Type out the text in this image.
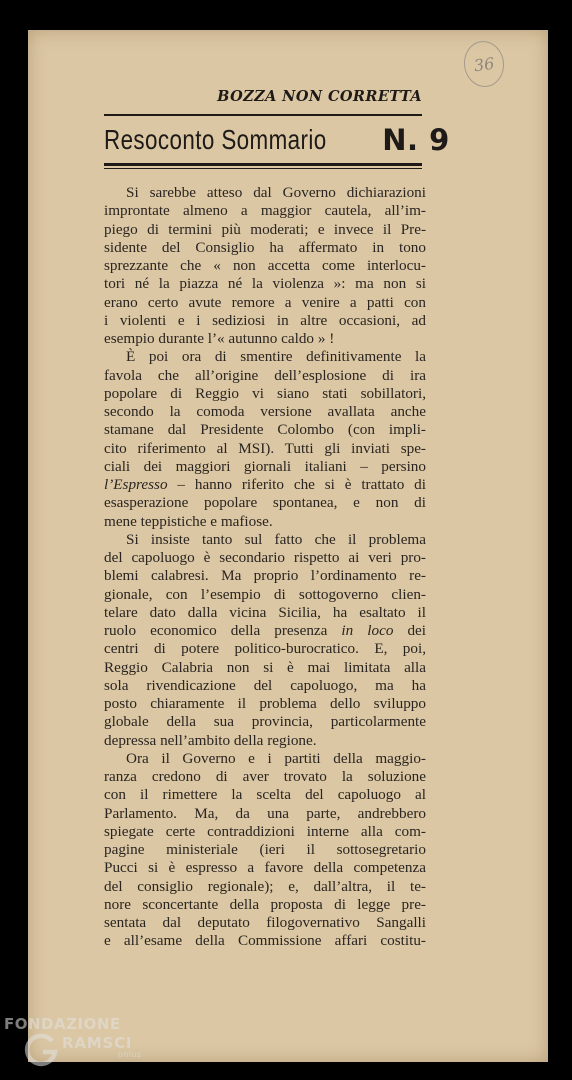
36
BOZZA NON CORRETTA
Resoconto Sommario N. 9
Si sarebbe atteso dal Governo dichiarazioni
improntate almeno a maggior cautela, all’im-
piego di termini più moderati; e invece il Pre-
sidente del Consiglio ha affermato in tono
sprezzante che « non accetta come interlocu-
tori né la piazza né la violenza »: ma non si
erano certo avute remore a venire a patti con
i violenti e i sediziosi in altre occasioni, ad
esempio durante l’« autunno caldo » !
È poi ora di smentire definitivamente la
favola che all’origine dell’esplosione di ira
popolare di Reggio vi siano stati sobillatori,
secondo la comoda versione avallata anche
stamane dal Presidente Colombo (con impli-
cito riferimento al MSI). Tutti gli inviati spe-
ciali dei maggiori giornali italiani – persino
l’Espresso – hanno riferito che si è trattato di
esasperazione popolare spontanea, e non di
mene teppistiche e mafiose.
Si insiste tanto sul fatto che il problema
del capoluogo è secondario rispetto ai veri pro-
blemi calabresi. Ma proprio l’ordinamento re-
gionale, con l’esempio di sottogoverno clien-
telare dato dalla vicina Sicilia, ha esaltato il
ruolo economico della presenza in loco dei
centri di potere politico-burocratico. E, poi,
Reggio Calabria non si è mai limitata alla
sola rivendicazione del capoluogo, ma ha
posto chiaramente il problema dello sviluppo
globale della sua provincia, particolarmente
depressa nell’ambito della regione.
Ora il Governo e i partiti della maggio-
ranza credono di aver trovato la soluzione
con il rimettere la scelta del capoluogo al
Parlamento. Ma, da una parte, andrebbero
spiegate certe contraddizioni interne alla com-
pagine ministeriale (ieri il sottosegretario
Pucci si è espresso a favore della competenza
del consiglio regionale); e, dall’altra, il te-
nore sconcertante della proposta di legge pre-
sentata dal deputato filogovernativo Sangalli
e all’esame della Commissione affari costitu-
FONDAZIONE
RAMSCI
onlus
